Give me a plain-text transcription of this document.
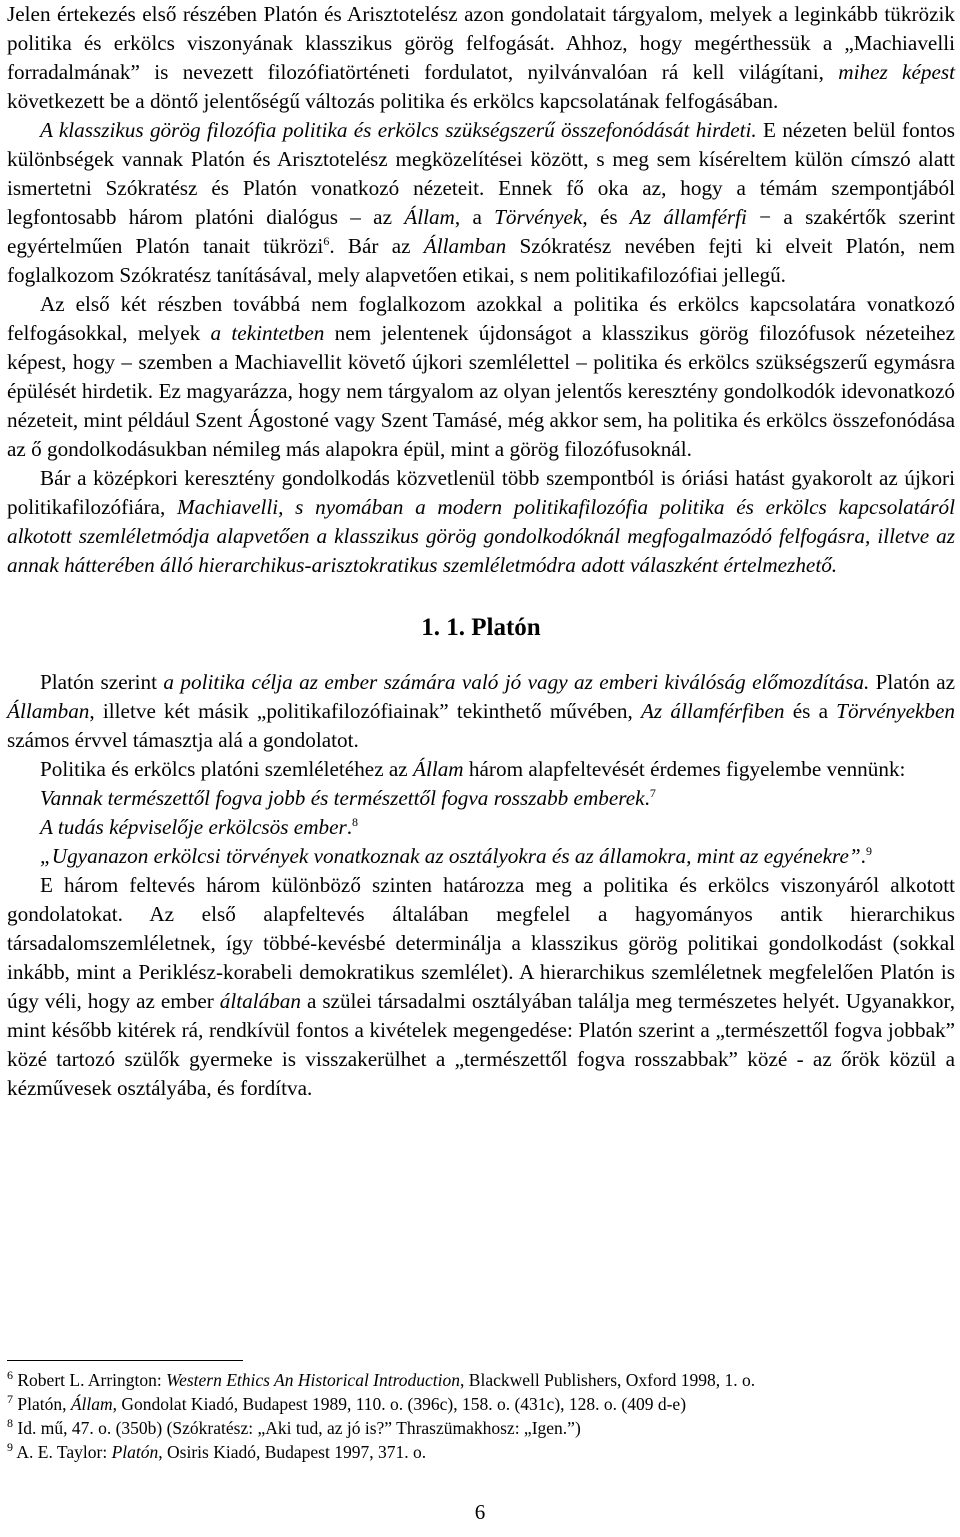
Jelen értekezés első részében Platón és Arisztotelész azon gondolatait tárgyalom, melyek a leginkább tükrözik politika és erkölcs viszonyának klasszikus görög felfogását. Ahhoz, hogy megérthessük a „Machiavelli forradalmának” is nevezett filozófiatörténeti fordulatot, nyilvánvalóan rá kell világítani, mihez képest következett be a döntő jelentőségű változás politika és erkölcs kapcsolatának felfogásában.

A klasszikus görög filozófia politika és erkölcs szükségszerű összefonódását hirdeti. E nézeten belül fontos különbségek vannak Platón és Arisztotelész megközelítései között, s meg sem kíséreltem külön címszó alatt ismertetni Szókratész és Platón vonatkozó nézeteit. Ennek fő oka az, hogy a témám szempontjából legfontosabb három platóni dialógus – az Állam, a Törvények, és Az államférfi − a szakértők szerint egyértelműen Platón tanait tükrözi$^6$. Bár az Államban Szókratész nevében fejti ki elveit Platón, nem foglalkozom Szókratész tanításával, mely alapvetően etikai, s nem politikafilozófiai jellegű.

Az első két részben továbbá nem foglalkozom azokkal a politika és erkölcs kapcsolatára vonatkozó felfogásokkal, melyek a tekintetben nem jelentenek újdonságot a klasszikus görög filozófusok nézeteihez képest, hogy – szemben a Machiavellit követő újkori szemlélettel – politika és erkölcs szükségszerű egymásra épülését hirdetik. Ez magyarázza, hogy nem tárgyalom az olyan jelentős keresztény gondolkodók idevonatkozó nézeteit, mint például Szent Ágostoné vagy Szent Tamásé, még akkor sem, ha politika és erkölcs összefonódása az ő gondolkodásukban némileg más alapokra épül, mint a görög filozófusoknál.

Bár a középkori keresztény gondolkodás közvetlenül több szempontból is óriási hatást gyakorolt az újkori politikafilozófiára, Machiavelli, s nyomában a modern politikafilozófia politika és erkölcs kapcsolatáról alkotott szemléletmódja alapvetően a klasszikus görög gondolkodóknál megfogalmazódó felfogásra, illetve az annak hátterében álló hierarchikus-arisztokratikus szemléletmódra adott válaszként értelmezhető.

1. 1. Platón

Platón szerint a politika célja az ember számára való jó vagy az emberi kiválóság előmozdítása. Platón az Államban, illetve két másik „politikafilozófiainak” tekinthető művében, Az államférfiben és a Törvényekben számos érvvel támasztja alá a gondolatot.

Politika és erkölcs platóni szemléletéhez az Állam három alapfeltevését érdemes figyelembe vennünk:

Vannak természettől fogva jobb és természettől fogva rosszabb emberek.$^7$

A tudás képviselője erkölcsös ember.$^8$

„Ugyanazon erkölcsi törvények vonatkoznak az osztályokra és az államokra, mint az egyénekre”.$^9$

E három feltevés három különböző szinten határozza meg a politika és erkölcs viszonyáról alkotott gondolatokat. Az első alapfeltevés általában megfelel a hagyományos antik hierarchikus társadalomszemléletnek, így többé-kevésbé determinálja a klasszikus görög politikai gondolkodást (sokkal inkább, mint a Periklész-korabeli demokratikus szemlélet). A hierarchikus szemléletnek megfelelően Platón is úgy véli, hogy az ember általában a szülei társadalmi osztályában találja meg természetes helyét. Ugyanakkor, mint később kitérek rá, rendkívül fontos a kivételek megengedése: Platón szerint a „természettől fogva jobbak” közé tartozó szülők gyermeke is visszakerülhet a „természettől fogva rosszabbak” közé - az őrök közül a kézművesek osztályába, és fordítva.

$^6$ Robert L. Arrington: Western Ethics An Historical Introduction, Blackwell Publishers, Oxford 1998, 1. o.
$^7$ Platón, Állam, Gondolat Kiadó, Budapest 1989, 110. o. (396c), 158. o. (431c), 128. o. (409 d-e)
$^8$ Id. mű, 47. o. (350b) (Szókratész: „Aki tud, az jó is?” Thraszümakhosz: „Igen.”)
$^9$ A. E. Taylor: Platón, Osiris Kiadó, Budapest 1997, 371. o.
6
